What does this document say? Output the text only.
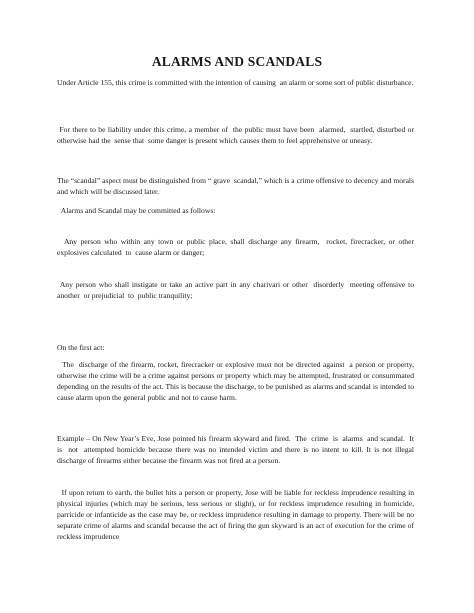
ALARMS AND SCANDALS
Under Article 155, this crime is committed with the intention of causing  an alarm or some sort of public disturbance.
For there to be liability under this crime, a member of  the public must have been  alarmed,  startled, disturbed or otherwise had the  sense that  some danger is present which causes them to feel apprehensive or uneasy.
The “scandal” aspect must be distinguished from “ grave  scandal,” which is a crime offensive to decency and morals and which will be discussed later.
Alarms and Scandal may be committed as follows:
Any person who within any town or public place, shall discharge any firearm,  rocket, firecracker, or other explosives calculated  to  cause alarm or danger;
Any person who shall instigate or take an active part in any charivari or other  disorderly  meeting offensive to  another  or prejudicial  to  public tranquility;
On the first act:
The  discharge of the firearm, rocket, firecracker or explosive must not be directed against  a person or property, otherwise the crime will be a crime against persons or property which may be attempted, frustrated or consummated depending on the results of the act. This is because the discharge, to be punished as alarms and scandal is intended to cause alarm upon the general public and not to cause harm.
Example – On New Year’s Eve, Jose pointed his firearm skyward and fired.  The  crime  is  alarms  and scandal.  It  is  not  attempted homicide because there was no intended victim and there is no intent to kill. It is not illegal discharge of firearms either because the firearm was not fired at a person.
If upon return to earth, the bullet hits a person or property, Jose will be liable for reckless imprudence resulting in physical injuries (which may be serious, less serious or slight), or for reckless imprudence resulting in homicide, parricide or infanticide as the case may be, or reckless imprudence resulting in damage to property. There will be no separate crime of alarms and scandal because the act of firing the gun skyward is an act of execution for the crime of reckless imprudence
